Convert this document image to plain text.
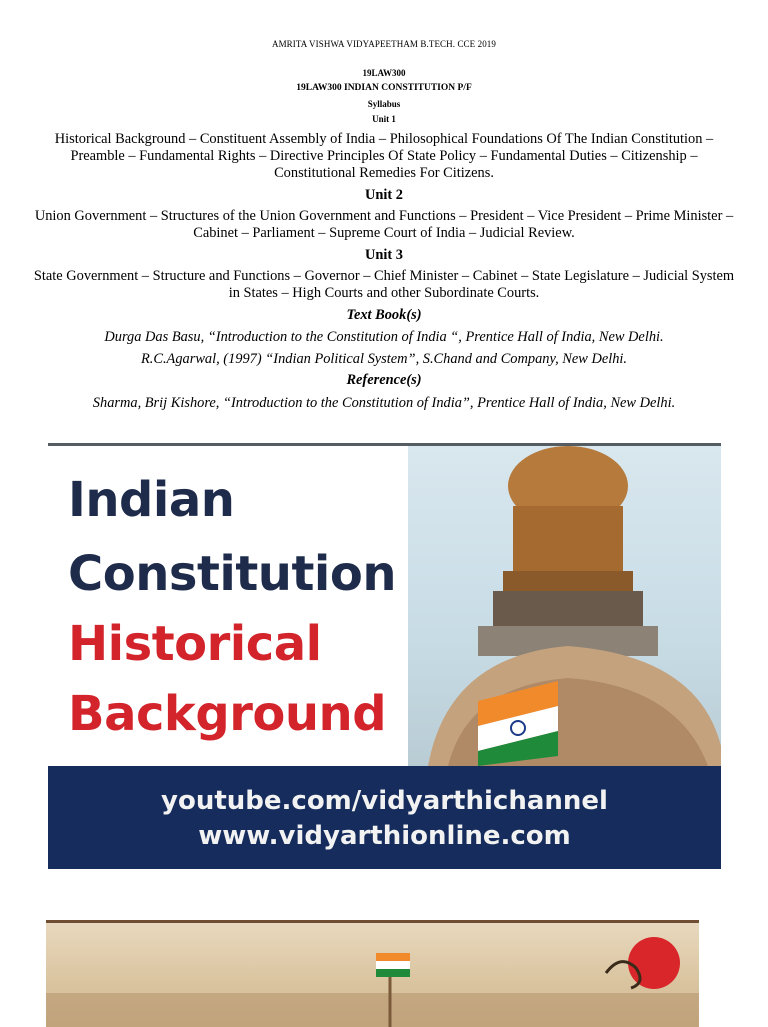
AMRITA VISHWA VIDYAPEETHAM B.TECH. CCE 2019
19LAW300
19LAW300 INDIAN CONSTITUTION P/F
Syllabus
Unit 1
Historical Background – Constituent Assembly of India – Philosophical Foundations Of The Indian Constitution – Preamble – Fundamental Rights – Directive Principles Of State Policy – Fundamental Duties – Citizenship – Constitutional Remedies For Citizens.
Unit 2
Union Government – Structures of the Union Government and Functions – President – Vice President – Prime Minister – Cabinet – Parliament – Supreme Court of India – Judicial Review.
Unit 3
State Government – Structure and Functions – Governor – Chief Minister – Cabinet – State Legislature – Judicial System in States – High Courts and other Subordinate Courts.
Text Book(s)
Durga Das Basu, “Introduction to the Constitution of India “, Prentice Hall of India, New Delhi.
R.C.Agarwal, (1997) “Indian Political System”, S.Chand and Company, New Delhi.
Reference(s)
Sharma, Brij Kishore, “Introduction to the Constitution of India”, Prentice Hall of India, New Delhi.
Indian
Constitution
Historical
Background
youtube.com/vidyarthichannel
www.vidyarthionline.com
